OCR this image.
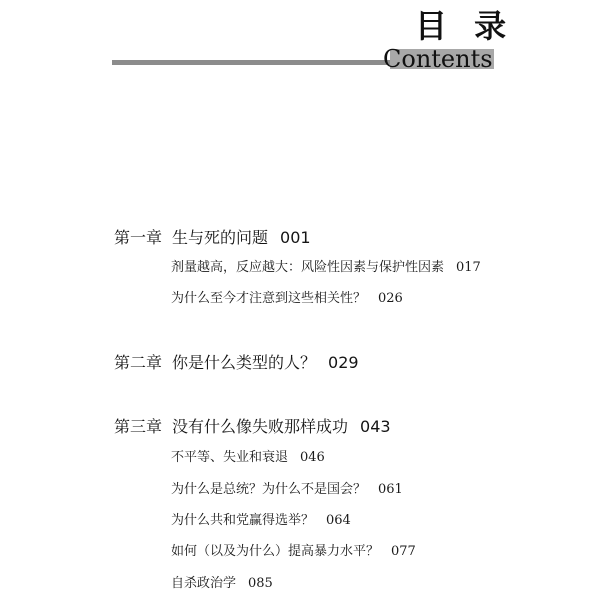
目 录
Contents
第一章 生与死的问题 001
剂量越高，反应越大：风险性因素与保护性因素 017
为什么至今才注意到这些相关性？ 026
第二章 你是什么类型的人？ 029
第三章 没有什么像失败那样成功 043
不平等、失业和衰退 046
为什么是总统？为什么不是国会？ 061
为什么共和党赢得选举？ 064
如何（以及为什么）提高暴力水平？ 077
自杀政治学 085
